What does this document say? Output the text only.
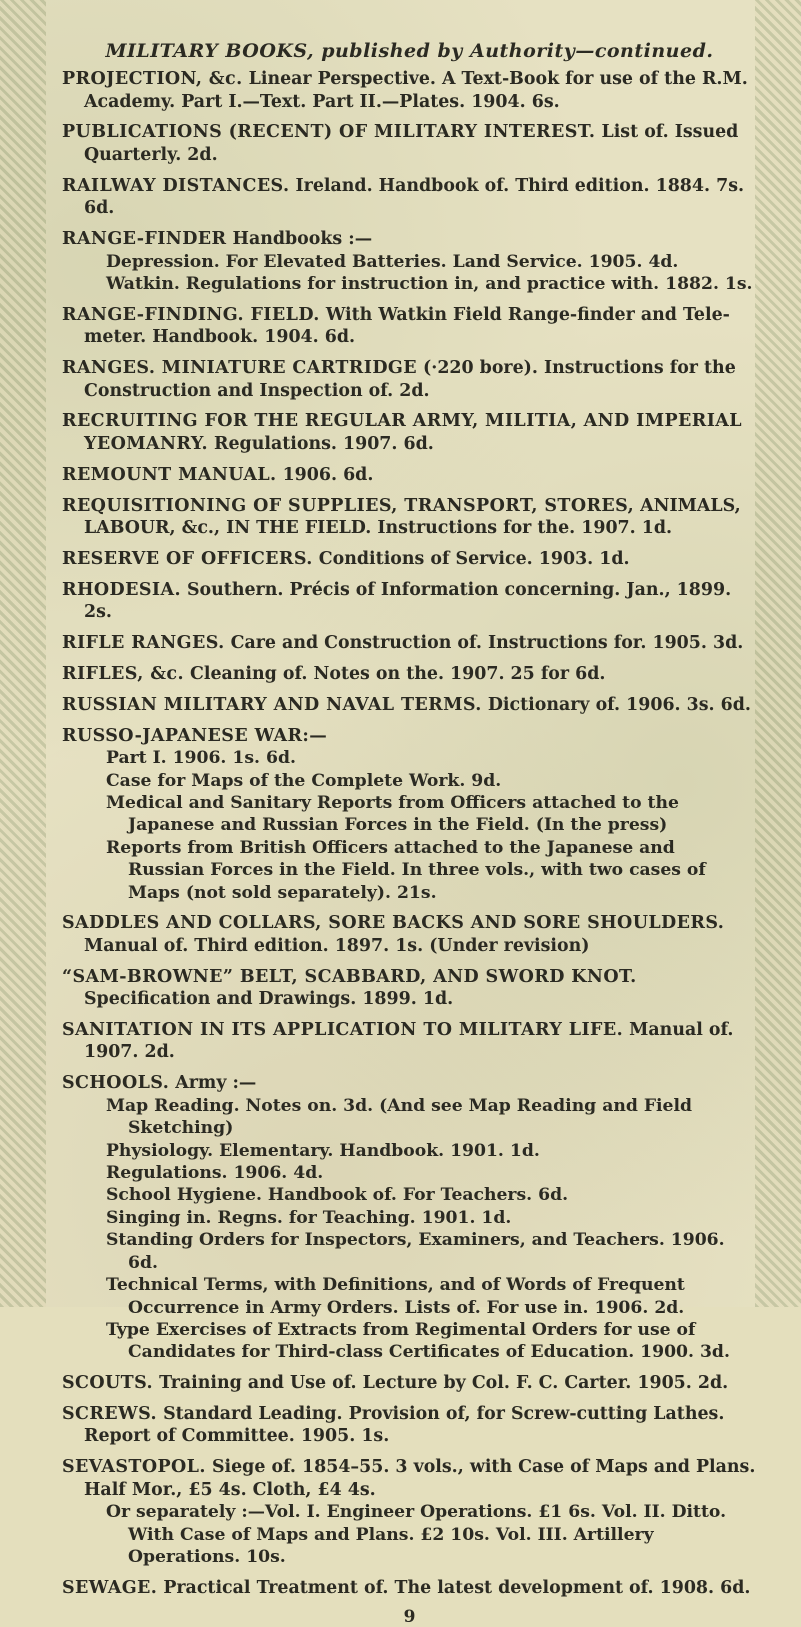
MILITARY BOOKS, published by Authority—continued.
PROJECTION, &c. Linear Perspective. A Text-Book for use of the R.M. Academy. Part I.—Text. Part II.—Plates. 1904. 6s.
PUBLICATIONS (RECENT) OF MILITARY INTEREST. List of. Issued Quarterly. 2d.
RAILWAY DISTANCES. Ireland. Handbook of. Third edition. 1884. 7s. 6d.
RANGE-FINDER Handbooks :—
Depression. For Elevated Batteries. Land Service. 1905. 4d.
Watkin. Regulations for instruction in, and practice with. 1882. 1s.
RANGE-FINDING. FIELD. With Watkin Field Range-finder and Tele-meter. Handbook. 1904. 6d.
RANGES. MINIATURE CARTRIDGE (·220 bore). Instructions for the Construction and Inspection of. 2d.
RECRUITING FOR THE REGULAR ARMY, MILITIA, AND IMPERIAL YEOMANRY. Regulations. 1907. 6d.
REMOUNT MANUAL. 1906. 6d.
REQUISITIONING OF SUPPLIES, TRANSPORT, STORES, ANIMALS, LABOUR, &c., IN THE FIELD. Instructions for the. 1907. 1d.
RESERVE OF OFFICERS. Conditions of Service. 1903. 1d.
RHODESIA. Southern. Précis of Information concerning. Jan., 1899. 2s.
RIFLE RANGES. Care and Construction of. Instructions for. 1905. 3d.
RIFLES, &c. Cleaning of. Notes on the. 1907. 25 for 6d.
RUSSIAN MILITARY AND NAVAL TERMS. Dictionary of. 1906. 3s. 6d.
RUSSO-JAPANESE WAR:—
Part I. 1906. 1s. 6d.
Case for Maps of the Complete Work. 9d.
Medical and Sanitary Reports from Officers attached to the Japanese and Russian Forces in the Field. (In the press)
Reports from British Officers attached to the Japanese and Russian Forces in the Field. In three vols., with two cases of Maps (not sold separately). 21s.
SADDLES AND COLLARS, SORE BACKS AND SORE SHOULDERS. Manual of. Third edition. 1897. 1s. (Under revision)
“SAM-BROWNE” BELT, SCABBARD, AND SWORD KNOT. Specification and Drawings. 1899. 1d.
SANITATION IN ITS APPLICATION TO MILITARY LIFE. Manual of. 1907. 2d.
SCHOOLS. Army :—
Map Reading. Notes on. 3d. (And see Map Reading and Field Sketching)
Physiology. Elementary. Handbook. 1901. 1d.
Regulations. 1906. 4d.
School Hygiene. Handbook of. For Teachers. 6d.
Singing in. Regns. for Teaching. 1901. 1d.
Standing Orders for Inspectors, Examiners, and Teachers. 1906. 6d.
Technical Terms, with Definitions, and of Words of Frequent Occurrence in Army Orders. Lists of. For use in. 1906. 2d.
Type Exercises of Extracts from Regimental Orders for use of Candidates for Third-class Certificates of Education. 1900. 3d.
SCOUTS. Training and Use of. Lecture by Col. F. C. Carter. 1905. 2d.
SCREWS. Standard Leading. Provision of, for Screw-cutting Lathes. Report of Committee. 1905. 1s.
SEVASTOPOL. Siege of. 1854–55. 3 vols., with Case of Maps and Plans. Half Mor., £5 4s. Cloth, £4 4s.
Or separately :—Vol. I. Engineer Operations. £1 6s. Vol. II. Ditto. With Case of Maps and Plans. £2 10s. Vol. III. Artillery Operations. 10s.
SEWAGE. Practical Treatment of. The latest development of. 1908. 6d.
9
